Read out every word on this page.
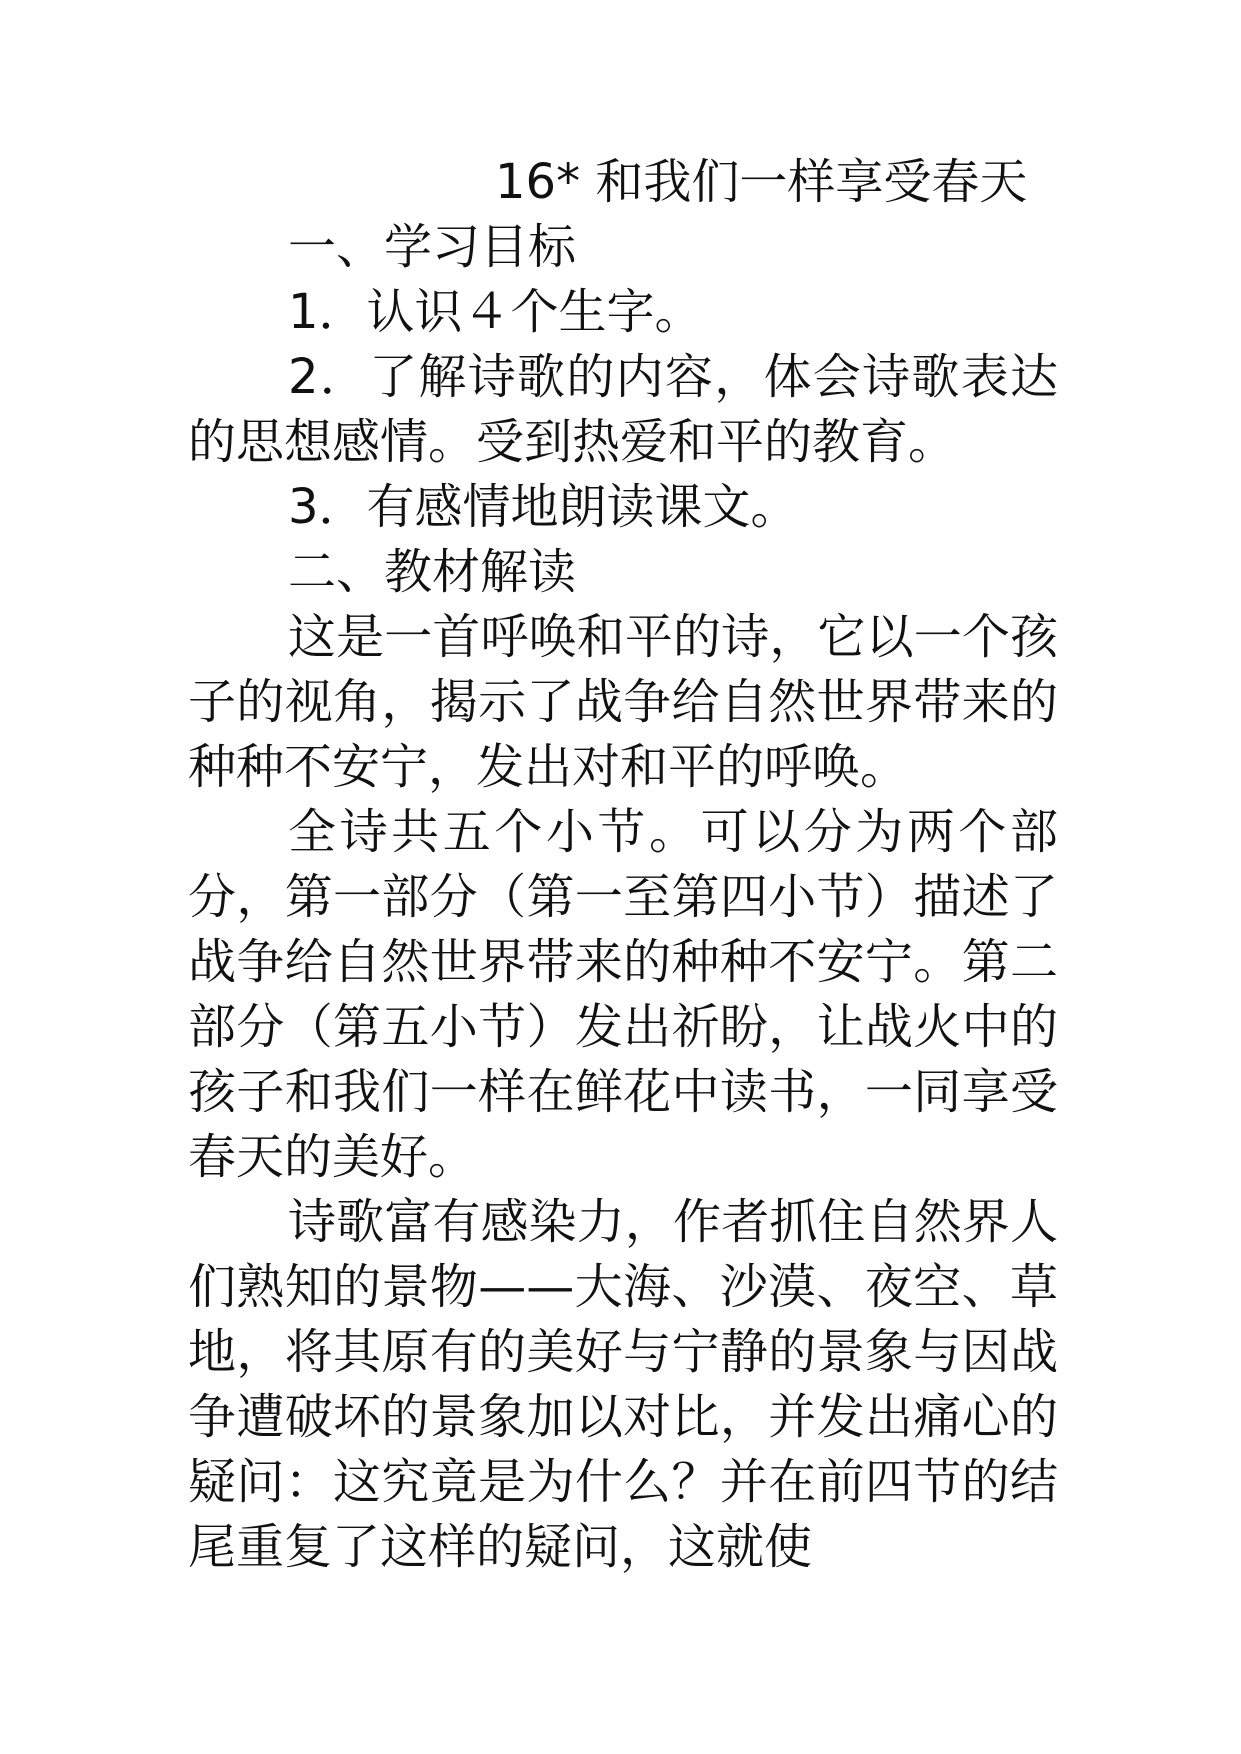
16* 和我们一样享受春天
一、学习目标

1．认识４个生字。

2．了解诗歌的内容，体会诗歌表达的思想感情。受到热爱和平的教育。

3．有感情地朗读课文。

二、教材解读

这是一首呼唤和平的诗，它以一个孩子的视角，揭示了战争给自然世界带来的种种不安宁，发出对和平的呼唤。

全诗共五个小节。可以分为两个部分，第一部分（第一至第四小节）描述了战争给自然世界带来的种种不安宁。第二部分（第五小节）发出祈盼，让战火中的孩子和我们一样在鲜花中读书，一同享受春天的美好。

诗歌富有感染力，作者抓住自然界人们熟知的景物——大海、沙漠、夜空、草地，将其原有的美好与宁静的景象与因战争遭破坏的景象加以对比，并发出痛心的疑问：这究竟是为什么？并在前四节的结尾重复了这样的疑问，这就使
